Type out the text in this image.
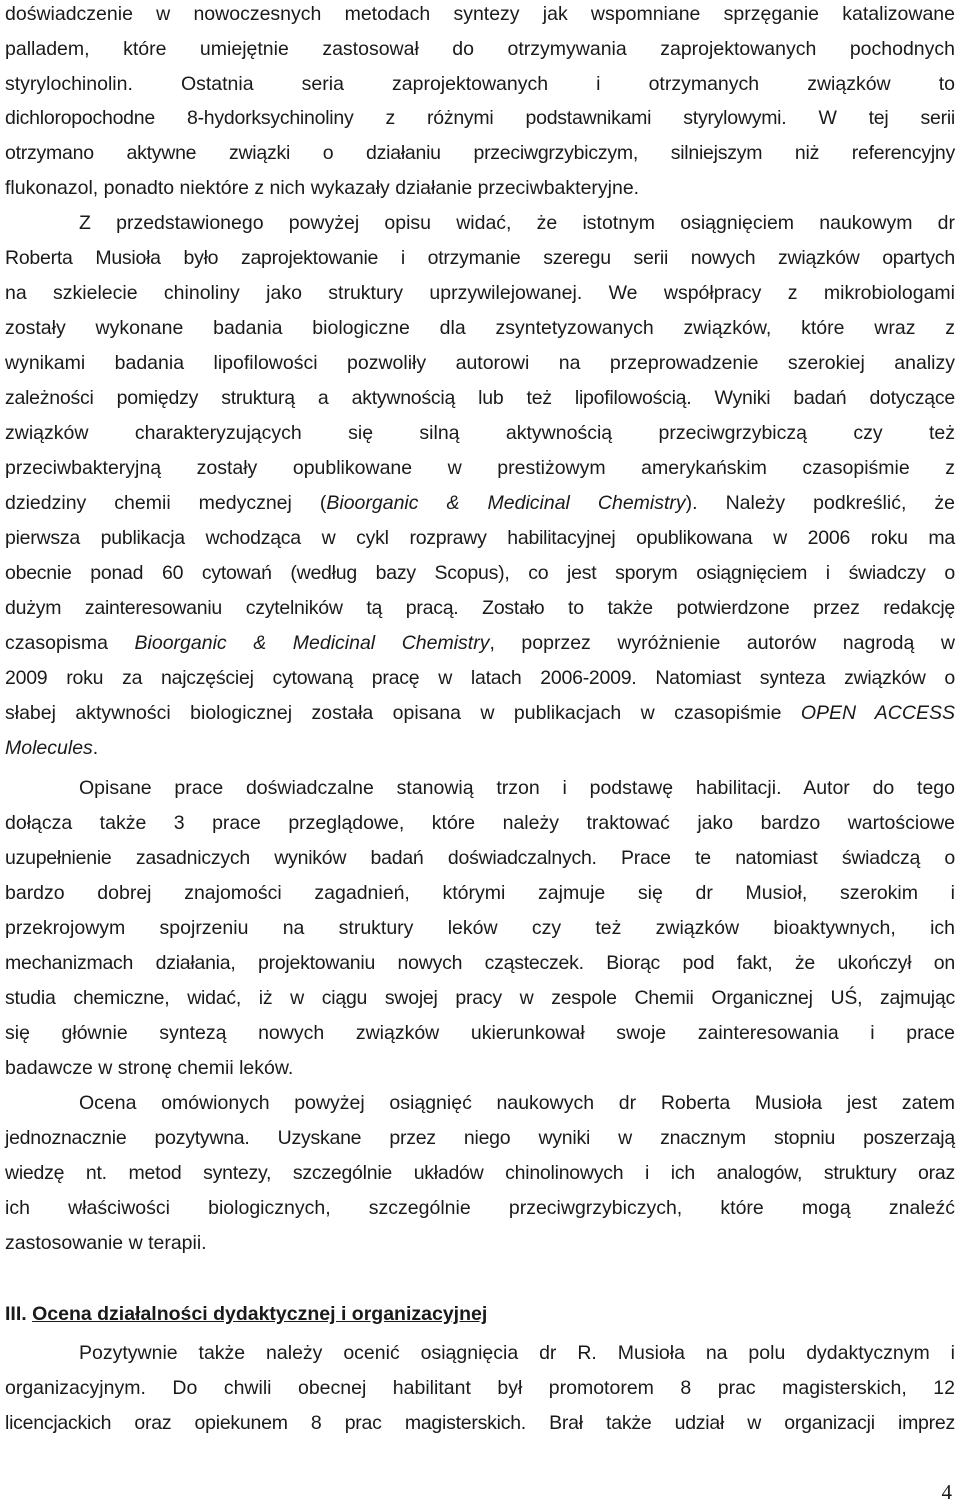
doświadczenie w nowoczesnych metodach syntezy jak wspomniane sprzęganie katalizowane
palladem, które umiejętnie zastosował do otrzymywania zaprojektowanych pochodnych
styrylochinolin. Ostatnia seria zaprojektowanych i otrzymanych związków to
dichloropochodne 8-hydorksychinoliny z różnymi podstawnikami styrylowymi. W tej serii
otrzymano aktywne związki o działaniu przeciwgrzybiczym, silniejszym niż referencyjny
flukonazol, ponadto niektóre z nich wykazały działanie przeciwbakteryjne.
Z przedstawionego powyżej opisu widać, że istotnym osiągnięciem naukowym dr
Roberta Musioła było zaprojektowanie i otrzymanie szeregu serii nowych związków opartych
na szkielecie chinoliny jako struktury uprzywilejowanej. We współpracy z mikrobiologami
zostały wykonane badania biologiczne dla zsyntetyzowanych związków, które wraz z
wynikami badania lipofilowości pozwoliły autorowi na przeprowadzenie szerokiej analizy
zależności pomiędzy strukturą a aktywnością lub też lipofilowością. Wyniki badań dotyczące
związków charakteryzujących się silną aktywnością przeciwgrzybiczą czy też
przeciwbakteryjną zostały opublikowane w prestiżowym amerykańskim czasopiśmie z
dziedziny chemii medycznej (Bioorganic & Medicinal Chemistry). Należy podkreślić, że
pierwsza publikacja wchodząca w cykl rozprawy habilitacyjnej opublikowana w 2006 roku ma
obecnie ponad 60 cytowań (według bazy Scopus), co jest sporym osiągnięciem i świadczy o
dużym zainteresowaniu czytelników tą pracą. Zostało to także potwierdzone przez redakcję
czasopisma Bioorganic & Medicinal Chemistry, poprzez wyróżnienie autorów nagrodą w
2009 roku za najczęściej cytowaną pracę w latach 2006-2009. Natomiast synteza związków o
słabej aktywności biologicznej została opisana w publikacjach w czasopiśmie OPEN ACCESS
Molecules.
Opisane prace doświadczalne stanowią trzon i podstawę habilitacji. Autor do tego
dołącza także 3 prace przeglądowe, które należy traktować jako bardzo wartościowe
uzupełnienie zasadniczych wyników badań doświadczalnych. Prace te natomiast świadczą o
bardzo dobrej znajomości zagadnień, którymi zajmuje się dr Musioł, szerokim i
przekrojowym spojrzeniu na struktury leków czy też związków bioaktywnych, ich
mechanizmach działania, projektowaniu nowych cząsteczek. Biorąc pod fakt, że ukończył on
studia chemiczne, widać, iż w ciągu swojej pracy w zespole Chemii Organicznej UŚ, zajmując
się głównie syntezą nowych związków ukierunkował swoje zainteresowania i prace
badawcze w stronę chemii leków.
Ocena omówionych powyżej osiągnięć naukowych dr Roberta Musioła jest zatem
jednoznacznie pozytywna. Uzyskane przez niego wyniki w znacznym stopniu poszerzają
wiedzę nt. metod syntezy, szczególnie układów chinolinowych i ich analogów, struktury oraz
ich właściwości biologicznych, szczególnie przeciwgrzybiczych, które mogą znaleźć
zastosowanie w terapii.
III. Ocena działalności dydaktycznej i organizacyjnej
Pozytywnie także należy ocenić osiągnięcia dr R. Musioła na polu dydaktycznym i
organizacyjnym. Do chwili obecnej habilitant był promotorem 8 prac magisterskich, 12
licencjackich oraz opiekunem 8 prac magisterskich. Brał także udział w organizacji imprez
4
